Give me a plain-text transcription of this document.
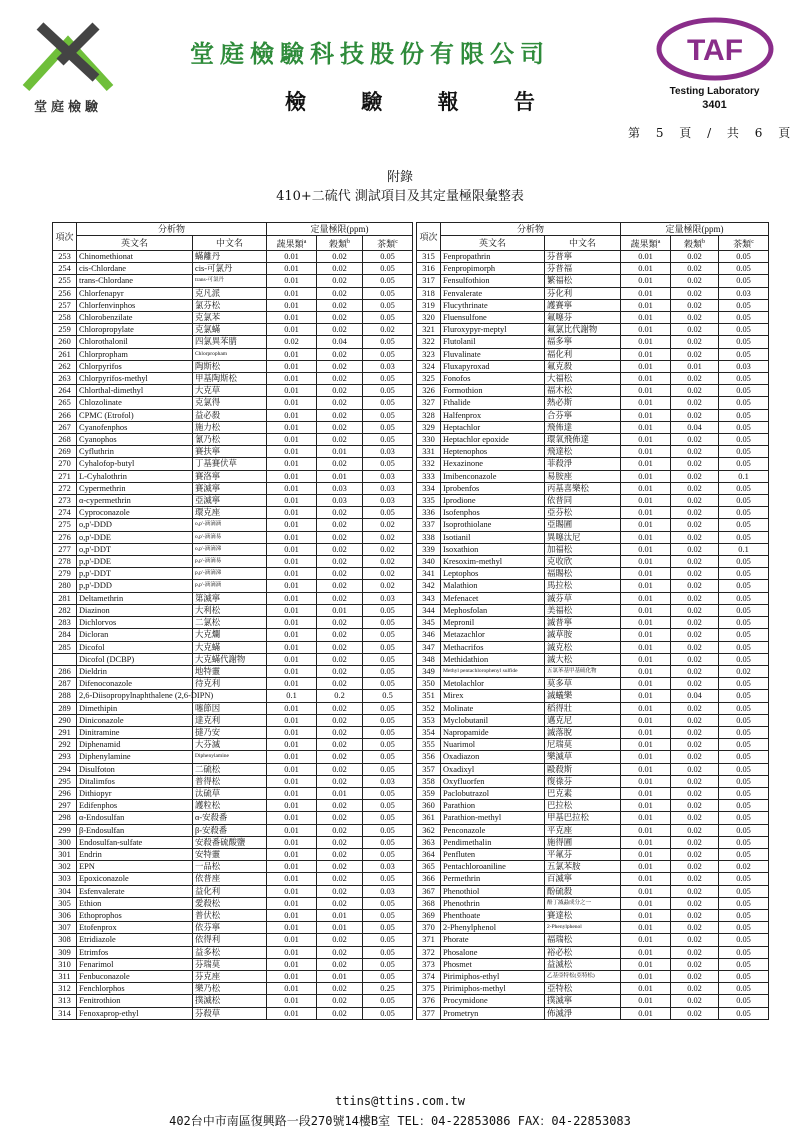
堂庭檢驗
堂庭檢驗科技股份有限公司
檢 驗 報 告
TAF
Testing Laboratory
3401
第 5 頁 / 共 6 頁
附錄
410+二硫代 測試項目及其定量極限彙整表
項次	分析物		定量極限(ppm)		
	英文名	中文名	蔬果類$^a$	穀類$^b$	茶類$^c$
253	Chinomethionat	蟎離丹	0.01	0.02	0.05
254	cis-Chlordane	cis-可氯丹	0.01	0.02	0.05
255	trans-Chlordane	trans-可氯丹	0.01	0.02	0.05
256	Chlorfenapyr	克凡派	0.01	0.02	0.05
257	Chlorfenvinphos	氯芬松	0.01	0.02	0.05
258	Chlorobenzilate	克氯苯	0.01	0.02	0.05
259	Chloropropylate	克氯蟎	0.01	0.02	0.02
260	Chlorothalonil	四氯異苯腈	0.02	0.04	0.05
261	Chlorpropham	Chlorpropham	0.01	0.02	0.05
262	Chlorpyrifos	陶斯松	0.01	0.02	0.03
263	Chlorpyrifos-methyl	甲基陶斯松	0.01	0.02	0.05
264	Chlorthal-dimethyl	大克草	0.01	0.02	0.05
265	Chlozolinate	克氯得	0.01	0.02	0.05
266	CPMC (Etrofol)	益必殺	0.01	0.02	0.05
267	Cyanofenphos	施力松	0.01	0.02	0.05
268	Cyanophos	氰乃松	0.01	0.02	0.05
269	Cyfluthrin	賽扶寧	0.01	0.01	0.03
270	Cyhalofop-butyl	丁基賽伏草	0.01	0.02	0.05
271	L-Cyhalothrin	賽洛寧	0.01	0.01	0.03
272	Cypermethrin	賽滅寧	0.01	0.03	0.03
273	α-cypermethrin	亞滅寧	0.01	0.03	0.03
274	Cyproconazole	環克座	0.01	0.02	0.05
275	o,p'-DDD	o,p'-滴滴滴	0.01	0.02	0.02
276	o,p'-DDE	o,p'-滴滴易	0.01	0.02	0.02
277	o,p'-DDT	o,p'-滴滴涕	0.01	0.02	0.02
278	p,p'-DDE	p,p'-滴滴易	0.01	0.02	0.02
279	p,p'-DDT	p,p'-滴滴涕	0.01	0.02	0.02
280	p,p'-DDD	p,p'-滴滴滴	0.01	0.02	0.02
281	Deltamethrin	第滅寧	0.01	0.02	0.03
282	Diazinon	大利松	0.01	0.01	0.05
283	Dichlorvos	二氯松	0.01	0.02	0.05
284	Dicloran	大克爛	0.01	0.02	0.05
285	Dicofol	大克蟎	0.01	0.02	0.05
	Dicofol (DCBP)	大克蟎代謝物	0.01	0.02	0.05
286	Dieldrin	地特靈	0.01	0.02	0.05
287	Difenoconazole	待克利	0.01	0.02	0.05
288	2,6-Diisopropylnaphthalene (2,6-DIPN)		0.1	0.2	0.5
289	Dimethipin	噻節因	0.01	0.02	0.05
290	Diniconazole	達克利	0.01	0.02	0.05
291	Dinitramine	撻乃安	0.01	0.02	0.05
292	Diphenamid	大芬滅	0.01	0.02	0.05
293	Diphenylamine	Diphenylamine	0.01	0.02	0.05
294	Disulfoton	二硫松	0.01	0.02	0.05
295	Ditalimfos	普得松	0.01	0.02	0.03
296	Dithiopyr	汰硫草	0.01	0.01	0.05
297	Edifenphos	護粒松	0.01	0.02	0.05
298	α-Endosulfan	α-安殺番	0.01	0.02	0.05
299	β-Endosulfan	β-安殺番	0.01	0.02	0.05
300	Endosulfan-sulfate	安殺番硫酸鹽	0.01	0.02	0.05
301	Endrin	安特靈	0.01	0.02	0.05
302	EPN	一品松	0.01	0.02	0.03
303	Epoxiconazole	依普座	0.01	0.02	0.05
304	Esfenvalerate	益化利	0.01	0.02	0.03
305	Ethion	愛殺松	0.01	0.02	0.05
306	Ethoprophos	普伏松	0.01	0.01	0.05
307	Etofenprox	依芬寧	0.01	0.01	0.05
308	Etridiazole	依得利	0.01	0.02	0.05
309	Etrimfos	益多松	0.01	0.02	0.05
310	Fenarimol	芬瑞莫	0.01	0.02	0.05
311	Fenbuconazole	芬克座	0.01	0.01	0.05
312	Fenchlorphos	樂乃松	0.01	0.02	0.25
313	Fenitrothion	撲滅松	0.01	0.02	0.05
314	Fenoxaprop-ethyl	芬殺草	0.01	0.02	0.05
項次	分析物		定量極限(ppm)		
	英文名	中文名	蔬果類$^a$	穀類$^b$	茶類$^c$
315	Fenpropathrin	芬普寧	0.01	0.02	0.05
316	Fenpropimorph	芬普福	0.01	0.02	0.05
317	Fensulfothion	繁福松	0.01	0.02	0.05
318	Fenvalerate	芬化利	0.01	0.02	0.03
319	Flucythrinate	護賽寧	0.01	0.02	0.05
320	Fluensulfone	氟噻芬	0.01	0.02	0.05
321	Fluroxypyr-meptyl	氟氯比代謝物	0.01	0.02	0.05
322	Flutolanil	福多寧	0.01	0.02	0.05
323	Fluvalinate	福化利	0.01	0.02	0.05
324	Fluxapyroxad	氟克殺	0.01	0.01	0.03
325	Fonofos	大福松	0.01	0.02	0.05
326	Formothion	福木松	0.01	0.02	0.05
327	Fthalide	熱必斯	0.01	0.02	0.05
328	Halfenprox	合芬寧	0.01	0.02	0.05
329	Heptachlor	飛佈達	0.01	0.04	0.05
330	Heptachlor epoxide	環氧飛佈達	0.01	0.02	0.05
331	Heptenophos	飛達松	0.01	0.02	0.05
332	Hexazinone	菲殺淨	0.01	0.02	0.05
333	Imibenconazole	易胺座	0.01	0.02	0.1
334	Iprobenfos	丙基喜樂松	0.01	0.02	0.05
335	Iprodione	依普同	0.01	0.02	0.05
336	Isofenphos	亞芬松	0.01	0.02	0.05
337	Isoprothiolane	亞賜圃	0.01	0.02	0.05
338	Isotianil	異噻汰尼	0.01	0.02	0.05
339	Isoxathion	加福松	0.01	0.02	0.1
340	Kresoxim-methyl	克收欣	0.01	0.02	0.05
341	Leptophos	福賜松	0.01	0.02	0.05
342	Malathion	馬拉松	0.01	0.02	0.05
343	Mefenacet	滅芬草	0.01	0.02	0.05
344	Mephosfolan	美福松	0.01	0.02	0.05
345	Mepronil	滅普寧	0.01	0.02	0.05
346	Metazachlor	滅草胺	0.01	0.02	0.05
347	Methacrifos	滅克松	0.01	0.02	0.05
348	Methidathion	滅大松	0.01	0.02	0.05
349	Methyl pentachlorophenyl sulfide	五氯苯基甲基硫化物	0.01	0.02	0.02
350	Metolachlor	莫多草	0.01	0.02	0.05
351	Mirex	滅蟻樂	0.01	0.04	0.05
352	Molinate	稻得壯	0.01	0.02	0.05
353	Myclobutanil	邁克尼	0.01	0.02	0.05
354	Napropamide	滅落脫	0.01	0.02	0.05
355	Nuarimol	尼瑞莫	0.01	0.02	0.05
356	Oxadiazon	樂滅草	0.01	0.02	0.05
357	Oxadixyl	毆殺斯	0.01	0.02	0.05
358	Oxyfluorfen	復祿芬	0.01	0.02	0.05
359	Paclobutrazol	巴克素	0.01	0.02	0.05
360	Parathion	巴拉松	0.01	0.02	0.05
361	Parathion-methyl	甲基巴拉松	0.01	0.02	0.05
362	Penconazole	平克座	0.01	0.02	0.05
363	Pendimethalin	施得圃	0.01	0.02	0.05
364	Penfluten	平氟芬	0.01	0.02	0.05
365	Pentachloroaniline	五氯苯胺	0.01	0.02	0.02
366	Permethrin	百滅寧	0.01	0.02	0.05
367	Phenothiol	酚硫殺	0.01	0.02	0.05
368	Phenothrin	酚丁滅蝨成分之一	0.01	0.02	0.05
369	Phenthoate	賽達松	0.01	0.02	0.05
370	2-Phenylphenol	2-Phenylphenol	0.01	0.02	0.05
371	Phorate	福瑞松	0.01	0.02	0.05
372	Phosalone	裕必松	0.01	0.02	0.05
373	Phosmet	益滅松	0.01	0.02	0.05
374	Pirimiphos-ethyl	乙基亞特松(亞特松)	0.01	0.02	0.05
375	Pirimiphos-methyl	亞特松	0.01	0.02	0.05
376	Procymidone	撲滅寧	0.01	0.02	0.05
377	Prometryn	佈滅淨	0.01	0.02	0.05
ttins@ttins.com.tw
402台中市南區復興路一段270號14樓B室 TEL：04-22853086 FAX：04-22853083
